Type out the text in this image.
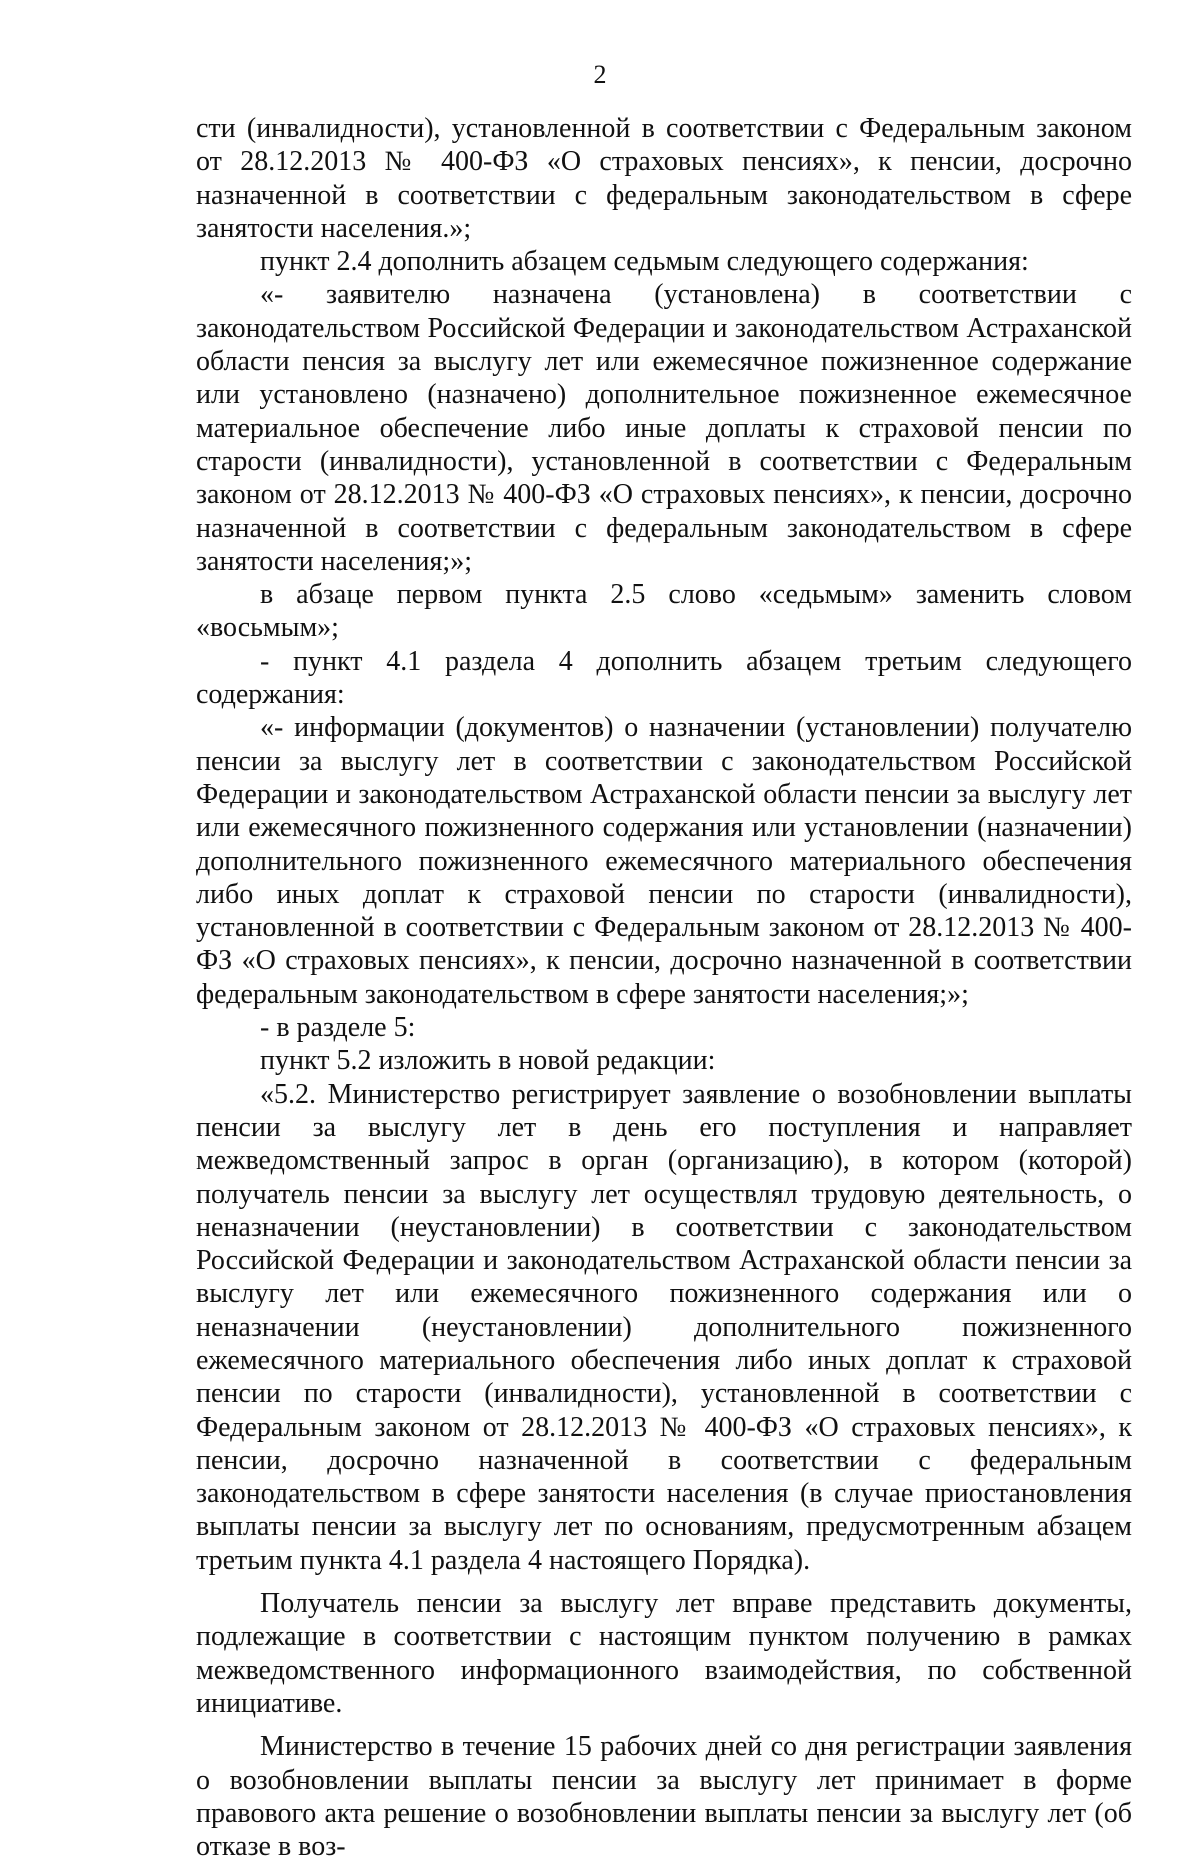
2

сти (инвалидности), установленной в соответствии с Федеральным законом от 28.12.2013 № 400-ФЗ «О страховых пенсиях», к пенсии, досрочно назначенной в соответствии с федеральным законодательством в сфере занятости населения.»;

пункт 2.4 дополнить абзацем седьмым следующего содержания:

«- заявителю назначена (установлена) в соответствии с законодательством Российской Федерации и законодательством Астраханской области пенсия за выслугу лет или ежемесячное пожизненное содержание или установлено (назначено) дополнительное пожизненное ежемесячное материальное обеспечение либо иные доплаты к страховой пенсии по старости (инвалидности), установленной в соответствии с Федеральным законом от 28.12.2013 № 400-ФЗ «О страховых пенсиях», к пенсии, досрочно назначенной в соответствии с федеральным законодательством в сфере занятости населения;»;

в абзаце первом пункта 2.5 слово «седьмым» заменить словом «восьмым»;

- пункт 4.1 раздела 4 дополнить абзацем третьим следующего содержания:

«- информации (документов) о назначении (установлении) получателю пенсии за выслугу лет в соответствии с законодательством Российской Федерации и законодательством Астраханской области пенсии за выслугу лет или ежемесячного пожизненного содержания или установлении (назначении) дополнительного пожизненного ежемесячного материального обеспечения либо иных доплат к страховой пенсии по старости (инвалидности), установленной в соответствии с Федеральным законом от 28.12.2013 № 400-ФЗ «О страховых пенсиях», к пенсии, досрочно назначенной в соответствии федеральным законодательством в сфере занятости населения;»;

- в разделе 5:

пункт 5.2 изложить в новой редакции:

«5.2. Министерство регистрирует заявление о возобновлении выплаты пенсии за выслугу лет в день его поступления и направляет межведомственный запрос в орган (организацию), в котором (которой) получатель пенсии за выслугу лет осуществлял трудовую деятельность, о неназначении (неустановлении) в соответствии с законодательством Российской Федерации и законодательством Астраханской области пенсии за выслугу лет или ежемесячного пожизненного содержания или о неназначении (неустановлении) дополнительного пожизненного ежемесячного материального обеспечения либо иных доплат к страховой пенсии по старости (инвалидности), установленной в соответствии с Федеральным законом от 28.12.2013 № 400-ФЗ «О страховых пенсиях», к пенсии, досрочно назначенной в соответствии с федеральным законодательством в сфере занятости населения (в случае приостановления выплаты пенсии за выслугу лет по основаниям, предусмотренным абзацем третьим пункта 4.1 раздела 4 настоящего Порядка).

Получатель пенсии за выслугу лет вправе представить документы, подлежащие в соответствии с настоящим пунктом получению в рамках межведомственного информационного взаимодействия, по собственной инициативе.

Министерство в течение 15 рабочих дней со дня регистрации заявления о возобновлении выплаты пенсии за выслугу лет принимает в форме правового акта решение о возобновлении выплаты пенсии за выслугу лет (об отказе в воз-
